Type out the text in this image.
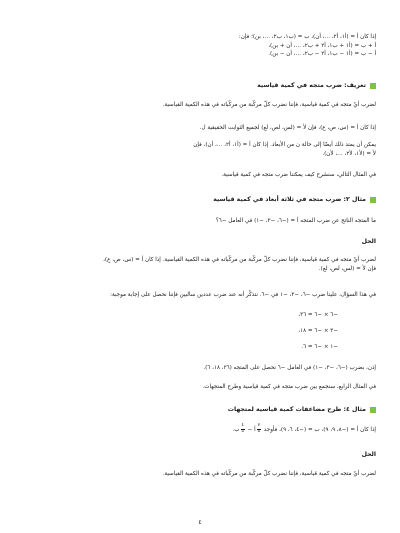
إذا كان أ = (أ١، أ٢، …، أن)، ب = (ب١، ب٢، …، بن)؛ فإن:

أ + ب = (أ١ + ب١، أ٢ + ب٢، …، أن + بن)،

أ − ب = (أ١ − ب١، أ٢ − ب٢، …، أن − بن).

تعريف: ضرب متجه في كمية قياسية

لضرب أيّ متجه في كمية قياسية، فإننا نضرب كلّ مركّبة من مركّباته في هذه الكمية القياسية.

إذا كان أ = (س، ص، ع)، فإن لأ = (لس، لص، لع) لجميع الثوابت الحقيقية ل.

يمكن أن يمتد ذلك أيضًا إلى حالة ن من الأبعاد. إذا كان أ = (أ١، أ٢، …، أن)، فإن

لأ = (لأ١، لأ٢، …، لأن).

في المثال التالي، سنشرح كيف يمكننا ضرب متجه في كمية قياسية.

مثال ٢: ضرب متجه في ثلاثة أبعاد في كمية قياسية

ما المتجه الناتج عن ضرب المتجه أ = (−٦، −٣، −١) في العامل −٦؟

الحل

لضرب أيّ متجه في كمية قياسية، فإننا نضرب كلّ مركّبة من مركّباته في هذه الكمية القياسية. إذا كان أ = (س، ص، ع)،

فإن لأ = (لس، لص، لع).

في هذا السؤال، علينا ضرب −٦، −٣، −١ في −٦. نتذكّر أنه عند ضرب عددين سالبين فإننا نحصل على إجابة موجبة:

−٦ × −٦ = ٣٦،

−٣ × −٦ = ١٨،

−١ × −٦ = ٦.

إذن، بضرب (−٦، −٣، −١) في العامل −٦ نحصل على المتجه (٣٦، ١٨، ٦).

في المثال الرابع، سنجمع بين ضرب متجه في كمية قياسية وطرح المتجهات.

مثال ٤: طرح مضاعفات كمية قياسية لمتجهات

إذا كان أ = (−٨، ٩، ٩)، ب = (−٤، ٦، ٩)، فأوجد
$\frac{٧}{٥}$
أ −
$\frac{٤}{٥}$
ب.

الحل

لضرب أيّ متجه في كمية قياسية، فإننا نضرب كلّ مركّبة من مركّباته في هذه الكمية القياسية.

٤
